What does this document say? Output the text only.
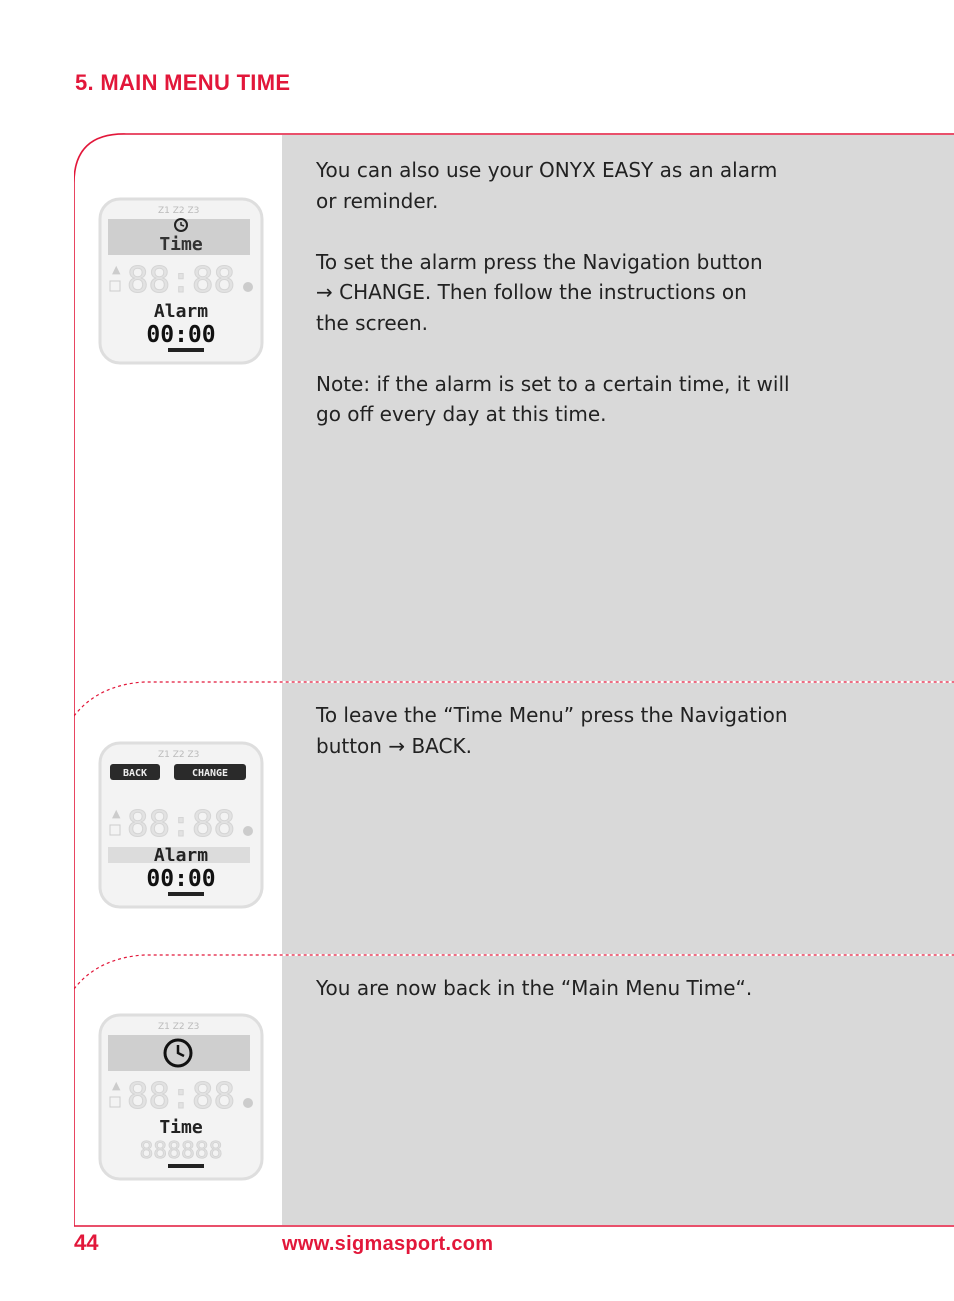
5. MAIN MENU TIME
You can also use your ONYX EASY as an alarm
or reminder.

To set the alarm press the Navigation button
→ CHANGE. Then follow the instructions on
the screen.

Note: if the alarm is set to a certain time, it will
go off every day at this time.
To leave the “Time Menu” press the Navigation
button → BACK.
You are now back in the “Main Menu Time“.
Z1 Z2 Z3
Time
88:88
▲
Alarm
00:00
Z1 Z2 Z3
BACK	CHANGE
88:88
▲
Alarm
00:00
Z1 Z2 Z3
88:88
▲
Time
888888
44	www.sigmasport.com
